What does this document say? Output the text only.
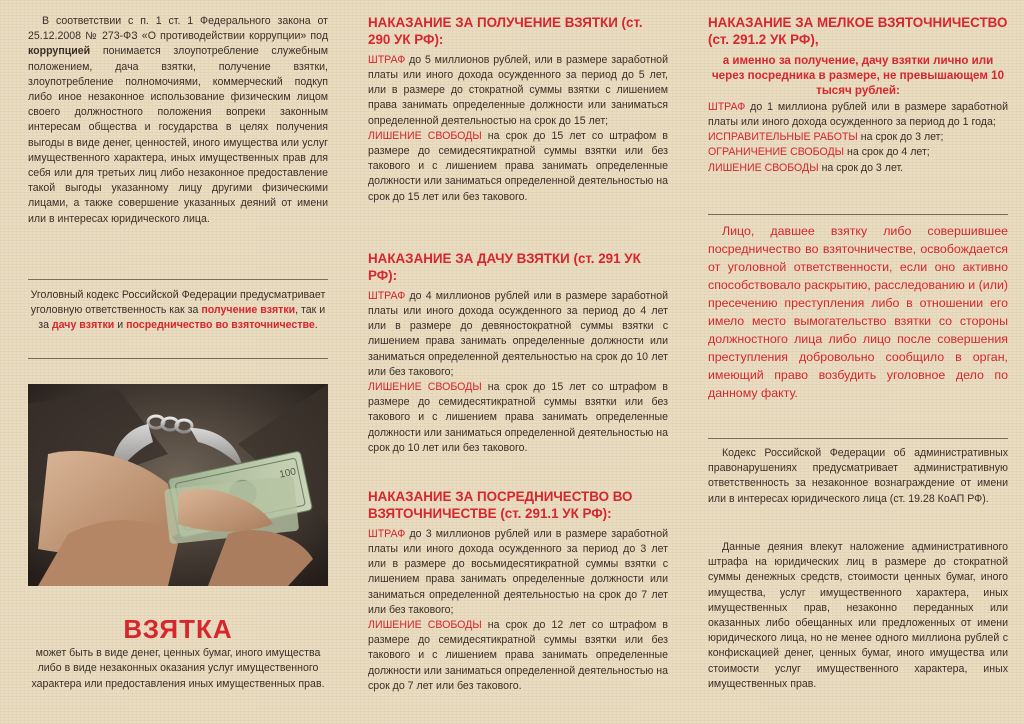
В соответствии с п. 1 ст. 1 Федерального закона от 25.12.2008 № 273-ФЗ «О противодействии коррупции» под коррупцией понимается злоупотребление служебным положением, дача взятки, получение взятки, злоупотребление полномочиями, коммерческий подкуп либо иное незаконное использование физическим лицом своего должностного положения вопреки законным интересам общества и государства в целях получения выгоды в виде денег, ценностей, иного имущества или услуг имущественного характера, иных имущественных прав для себя или для третьих лиц либо незаконное предоставление такой выгоды указанному лицу другими физическими лицами, а также совершение указанных деяний от имени или в интересах юридического лица.

Уголовный кодекс Российской Федерации предусматривает уголовную ответственность как за получение взятки, так и за дачу взятки и посредничество во взяточничестве.
100
ВЗЯТКА
может быть в виде денег, ценных бумаг, иного имущества либо в виде незаконных оказания услуг имущественного характера или предоставления иных имущественных прав.

НАКАЗАНИЕ ЗА ПОЛУЧЕНИЕ ВЗЯТКИ (ст. 290 УК РФ):

ШТРАФ до 5 миллионов рублей, или в размере заработной платы или иного дохода осужденного за период до 5 лет, или в размере до стократной суммы взятки с лишением права занимать определенные должности или заниматься определенной деятельностью на срок до 15 лет;

ЛИШЕНИЕ СВОБОДЫ на срок до 15 лет со штрафом в размере до семидесятикратной суммы взятки или без такового и с лишением права занимать определенные должности или заниматься определенной деятельностью на срок до 15 лет или без такового.

НАКАЗАНИЕ ЗА ДАЧУ ВЗЯТКИ (ст. 291 УК РФ):

ШТРАФ до 4 миллионов рублей или в размере заработной платы или иного дохода осужденного за период до 4 лет или в размере до девяностократной суммы взятки с лишением права занимать определенные должности или заниматься определенной деятельностью на срок до 10 лет или без такового;

ЛИШЕНИЕ СВОБОДЫ на срок до 15 лет со штрафом в размере до семидесятикратной суммы взятки или без такового и с лишением права занимать определенные должности или заниматься определенной деятельностью на срок до 10 лет или без такового.

НАКАЗАНИЕ ЗА ПОСРЕДНИЧЕСТВО ВО ВЗЯТОЧНИЧЕСТВЕ (ст. 291.1 УК РФ):

ШТРАФ до 3 миллионов рублей или в размере заработной платы или иного дохода осужденного за период до 3 лет или в размере до восьмидесятикратной суммы взятки с лишением права занимать определенные должности или заниматься определенной деятельностью на срок до 7 лет или без такового;

ЛИШЕНИЕ СВОБОДЫ на срок до 12 лет со штрафом в размере до семидесятикратной суммы взятки или без такового и с лишением права занимать определенные должности или заниматься определенной деятельностью на срок до 7 лет или без такового.

НАКАЗАНИЕ ЗА МЕЛКОЕ ВЗЯТОЧНИЧЕСТВО (ст. 291.2 УК РФ),

а именно за получение, дачу взятки лично или через посредника в размере, не превышающем 10 тысяч рублей:

ШТРАФ до 1 миллиона рублей или в размере заработной платы или иного дохода осужденного за период до 1 года;

ИСПРАВИТЕЛЬНЫЕ РАБОТЫ на срок до 3 лет;

ОГРАНИЧЕНИЕ СВОБОДЫ на срок до 4 лет;

ЛИШЕНИЕ СВОБОДЫ на срок до 3 лет.

Лицо, давшее взятку либо совершившее посредничество во взяточничестве, освобождается от уголовной ответственности, если оно активно способствовало раскрытию, расследованию и (или) пресечению преступления либо в отношении его имело место вымогательство взятки со стороны должностного лица либо лицо после совершения преступления добровольно сообщило в орган, имеющий право возбудить уголовное дело по данному факту.

Кодекс Российской Федерации об административных правонарушениях предусматривает административную ответственность за незаконное вознаграждение от имени или в интересах юридического лица (ст. 19.28 КоАП РФ).

Данные деяния влекут наложение административного штрафа на юридических лиц в размере до стократной суммы денежных средств, стоимости ценных бумаг, иного имущества, услуг имущественного характера, иных имущественных прав, незаконно переданных или оказанных либо обещанных или предложенных от имени юридического лица, но не менее одного миллиона рублей с конфискацией денег, ценных бумаг, иного имущества или стоимости услуг имущественного характера, иных имущественных прав.
